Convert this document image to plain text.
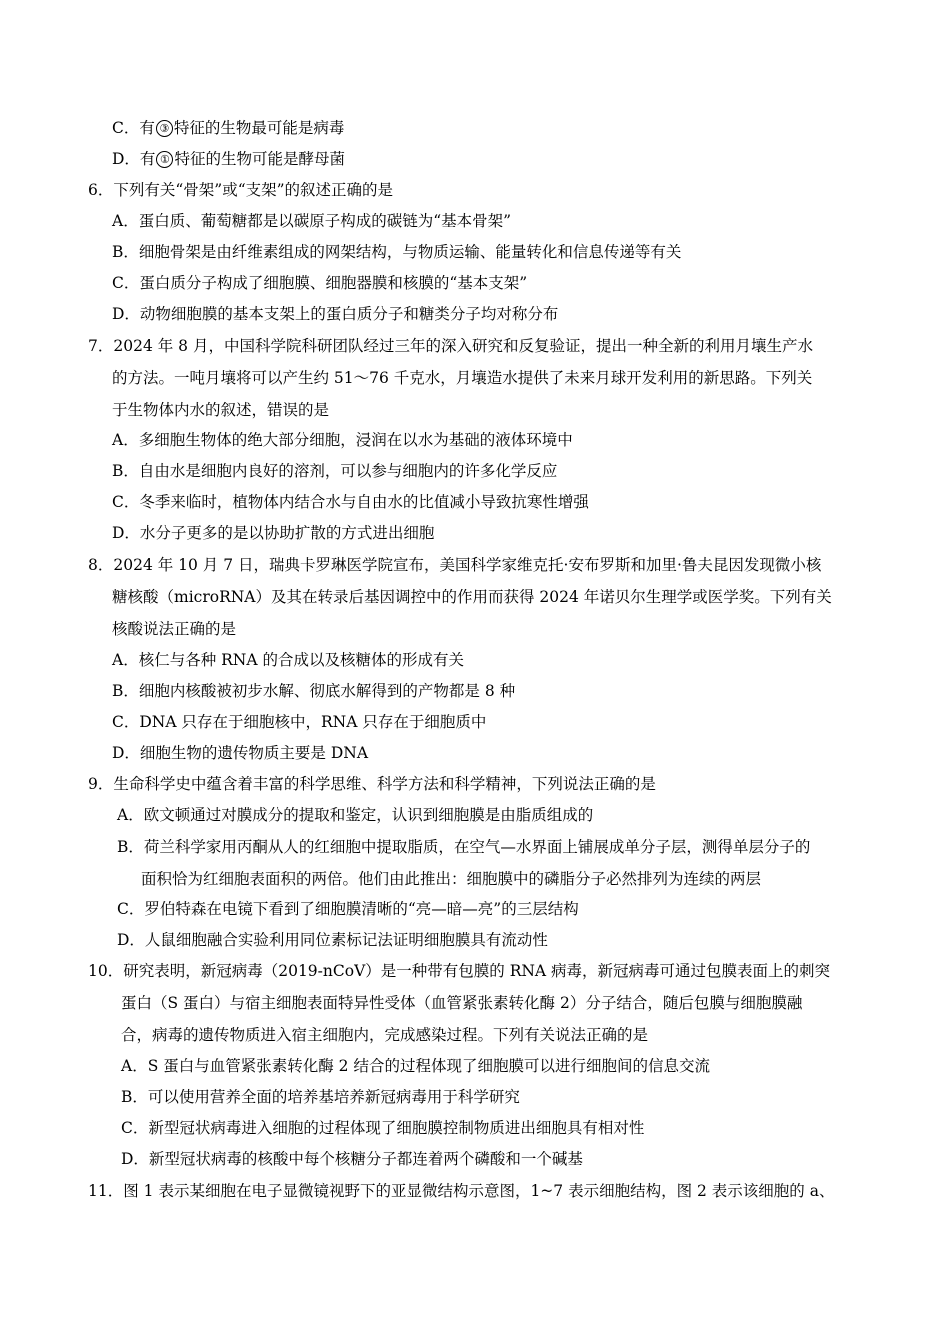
C．有 ③ 特征的生物最可能是病毒
D．有 ① 特征的生物可能是酵母菌
6．下列有关“骨架”或“支架”的叙述正确的是
A．蛋白质、葡萄糖都是以碳原子构成的碳链为“基本骨架”
B．细胞骨架是由纤维素组成的网架结构，与物质运输、能量转化和信息传递等有关
C．蛋白质分子构成了细胞膜、细胞器膜和核膜的“基本支架”
D．动物细胞膜的基本支架上的蛋白质分子和糖类分子均对称分布
7．2024 年 8 月，中国科学院科研团队经过三年的深入研究和反复验证，提出一种全新的利用月壤生产水
的方法。一吨月壤将可以产生约 51～76 千克水，月壤造水提供了未来月球开发利用的新思路。下列关
于生物体内水的叙述，错误的是
A．多细胞生物体的绝大部分细胞，浸润在以水为基础的液体环境中
B．自由水是细胞内良好的溶剂，可以参与细胞内的许多化学反应
C．冬季来临时，植物体内结合水与自由水的比值减小导致抗寒性增强
D．水分子更多的是以协助扩散的方式进出细胞
8．2024 年 10 月 7 日，瑞典卡罗琳医学院宣布，美国科学家维克托·安布罗斯和加里·鲁夫昆因发现微小核
糖核酸（microRNA）及其在转录后基因调控中的作用而获得 2024 年诺贝尔生理学或医学奖。下列有关
核酸说法正确的是
A．核仁与各种 RNA 的合成以及核糖体的形成有关
B．细胞内核酸被初步水解、彻底水解得到的产物都是 8 种
C．DNA 只存在于细胞核中，RNA 只存在于细胞质中
D．细胞生物的遗传物质主要是 DNA
9．生命科学史中蕴含着丰富的科学思维、科学方法和科学精神，下列说法正确的是
A．欧文顿通过对膜成分的提取和鉴定，认识到细胞膜是由脂质组成的
B．荷兰科学家用丙酮从人的红细胞中提取脂质，在空气—水界面上铺展成单分子层，测得单层分子的
面积恰为红细胞表面积的两倍。他们由此推出：细胞膜中的磷脂分子必然排列为连续的两层
C．罗伯特森在电镜下看到了细胞膜清晰的“亮—暗—亮”的三层结构
D．人鼠细胞融合实验利用同位素标记法证明细胞膜具有流动性
10．研究表明，新冠病毒（2019-nCoV）是一种带有包膜的 RNA 病毒，新冠病毒可通过包膜表面上的刺突
蛋白（S 蛋白）与宿主细胞表面特异性受体（血管紧张素转化酶 2）分子结合，随后包膜与细胞膜融
合，病毒的遗传物质进入宿主细胞内，完成感染过程。下列有关说法正确的是
A．S 蛋白与血管紧张素转化酶 2 结合的过程体现了细胞膜可以进行细胞间的信息交流
B．可以使用营养全面的培养基培养新冠病毒用于科学研究
C．新型冠状病毒进入细胞的过程体现了细胞膜控制物质进出细胞具有相对性
D．新型冠状病毒的核酸中每个核糖分子都连着两个磷酸和一个碱基
11．图 1 表示某细胞在电子显微镜视野下的亚显微结构示意图，1~7 表示细胞结构，图 2 表示该细胞的 a、
